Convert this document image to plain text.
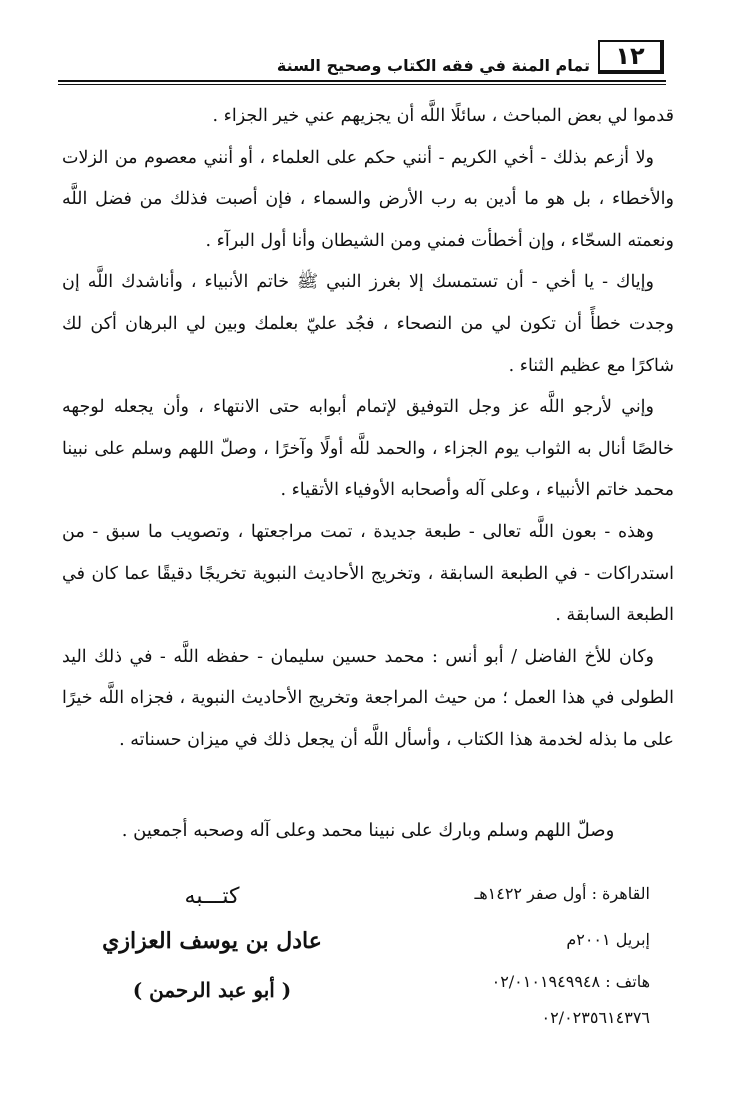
١٢
تمام المنة في فقه الكتاب وصحيح السنة

قدموا لي بعض المباحث ، سائلًا اللَّه أن يجزيهم عني خير الجزاء .

ولا أزعم بذلك - أخي الكريم - أنني حكم على العلماء ، أو أنني معصوم من الزلات والأخطاء ، بل هو ما أدين به رب الأرض والسماء ، فإن أصبت فذلك من فضل اللَّه ونعمته السحّاء ، وإن أخطأت فمني ومن الشيطان وأنا أول البرآء .

وإياك - يا أخي - أن تستمسك إلا بغرز النبي ﷺ خاتم الأنبياء ، وأناشدك اللَّه إن وجدت خطأً أن تكون لي من النصحاء ، فجُد عليّ بعلمك وبين لي البرهان أكن لك شاكرًا مع عظيم الثناء .

وإني لأرجو اللَّه عز وجل التوفيق لإتمام أبوابه حتى الانتهاء ، وأن يجعله لوجهه خالصًا أنال به الثواب يوم الجزاء ، والحمد للَّه أولًا وآخرًا ، وصلّ اللهم وسلم على نبينا محمد خاتم الأنبياء ، وعلى آله وأصحابه الأوفياء الأتقياء .

وهذه - بعون اللَّه تعالى - طبعة جديدة ، تمت مراجعتها ، وتصويب ما سبق - من استدراكات - في الطبعة السابقة ، وتخريج الأحاديث النبوية تخريجًا دقيقًا عما كان في الطبعة السابقة .

وكان للأخ الفاضل / أبو أنس : محمد حسين سليمان - حفظه اللَّه - في ذلك اليد الطولى في هذا العمل ؛ من حيث المراجعة وتخريج الأحاديث النبوية ، فجزاه اللَّه خيرًا على ما بذله لخدمة هذا الكتاب ، وأسأل اللَّه أن يجعل ذلك في ميزان حسناته .

وصلّ اللهم وسلم وبارك على نبينا محمد وعلى آله وصحبه أجمعين .
كتـــبه
عادل بن يوسف العزازي
( أبو عبد الرحمن )
القاهرة : أول صفر ١٤٢٢هـ
إبريل ٢٠٠١م
هاتف : ٠٢/٠١٠١٩٤٩٩٤٨
٠٢/٠٢٣٥٦١٤٣٧٦
